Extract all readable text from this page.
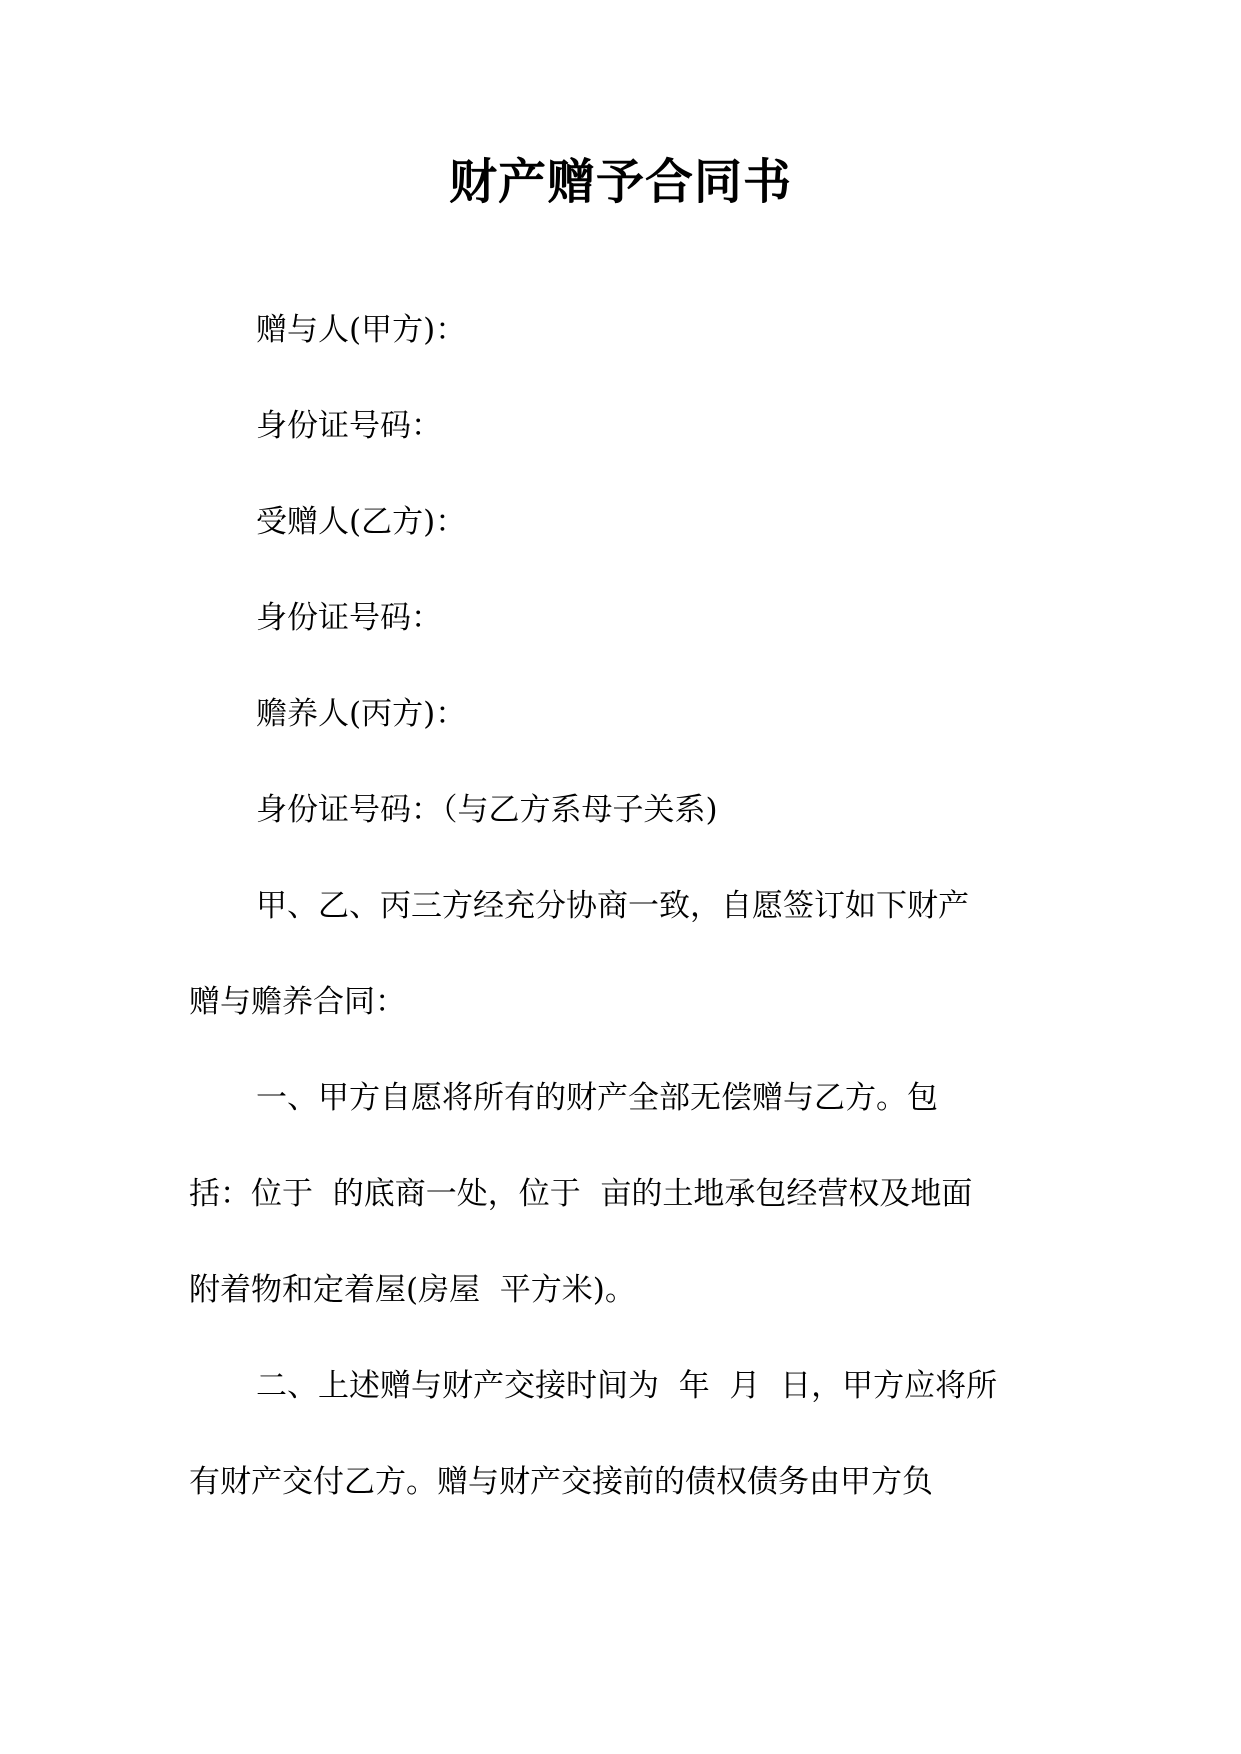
财产赠予合同书
赠与人(甲方)：
身份证号码：
受赠人(乙方)：
身份证号码：
赡养人(丙方)：
身份证号码：（与乙方系母子关系)
甲、乙、丙三方经充分协商一致，自愿签订如下财产
赠与赡养合同：
一、甲方自愿将所有的财产全部无偿赠与乙方。包
括：位于  的底商一处，位于  亩的土地承包经营权及地面
附着物和定着屋(房屋  平方米)。
二、上述赠与财产交接时间为  年  月  日，甲方应将所
有财产交付乙方。赠与财产交接前的债权债务由甲方负
